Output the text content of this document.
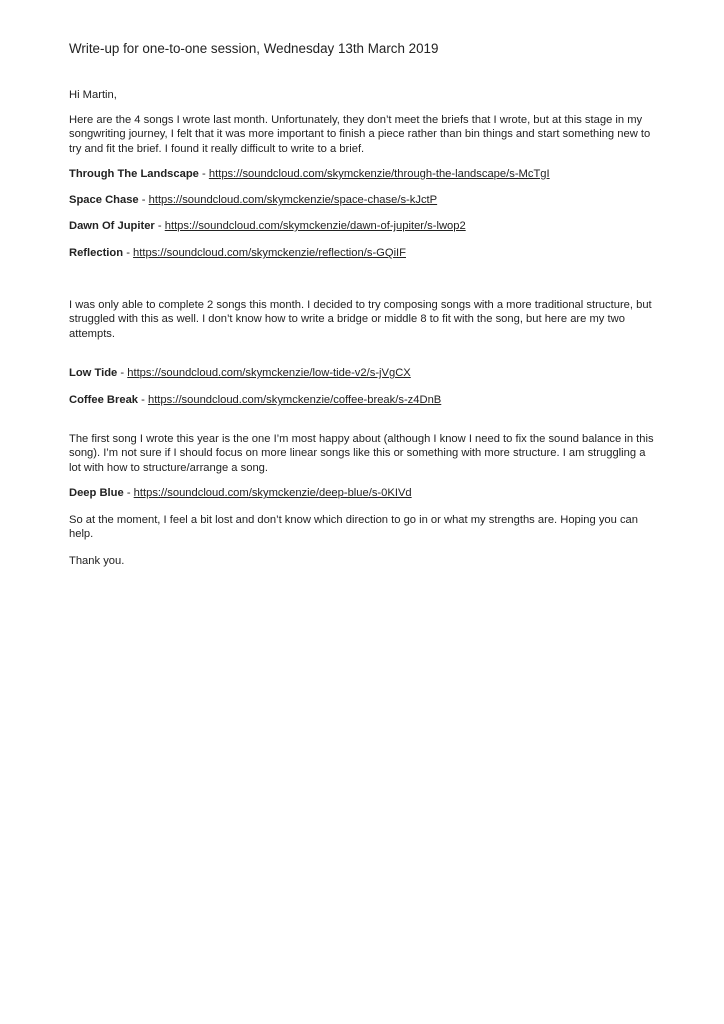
Write-up for one-to-one session, Wednesday 13th March 2019

Hi Martin,

Here are the 4 songs I wrote last month. Unfortunately, they don’t meet the briefs that I wrote, but at this stage in my songwriting journey, I felt that it was more important to finish a piece rather than bin things and start something new to try and fit the brief. I found it really difficult to write to a brief.

Through The Landscape - https://soundcloud.com/skymckenzie/through-the-landscape/s-McTgI

Space Chase - https://soundcloud.com/skymckenzie/space-chase/s-kJctP

Dawn Of Jupiter - https://soundcloud.com/skymckenzie/dawn-of-jupiter/s-lwop2

Reflection - https://soundcloud.com/skymckenzie/reflection/s-GQiIF

I was only able to complete 2 songs this month. I decided to try composing songs with a more traditional structure, but struggled with this as well. I don’t know how to write a bridge or middle 8 to fit with the song, but here are my two attempts.

Low Tide - https://soundcloud.com/skymckenzie/low-tide-v2/s-jVgCX

Coffee Break - https://soundcloud.com/skymckenzie/coffee-break/s-z4DnB

The first song I wrote this year is the one I’m most happy about (although I know I need to fix the sound balance in this song). I’m not sure if I should focus on more linear songs like this or something with more structure. I am struggling a lot with how to structure/arrange a song.

Deep Blue - https://soundcloud.com/skymckenzie/deep-blue/s-0KIVd

So at the moment, I feel a bit lost and don’t know which direction to go in or what my strengths are. Hoping you can help.

Thank you.
